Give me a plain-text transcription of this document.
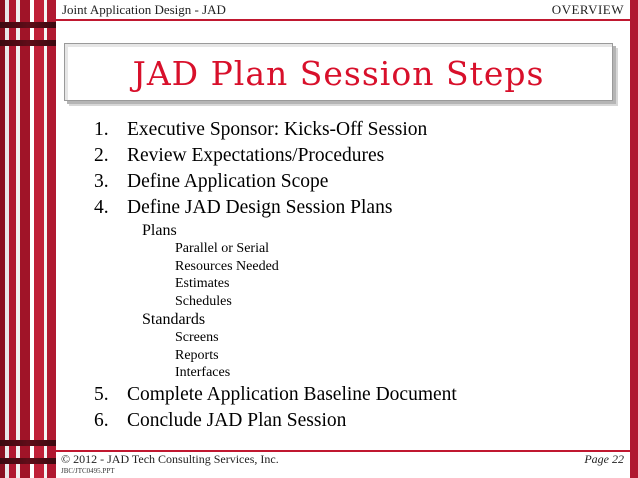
Joint Application Design - JAD	OVERVIEW
JAD Plan Session Steps
1. Executive Sponsor: Kicks-Off Session
2. Review Expectations/Procedures
3. Define Application Scope
4. Define JAD Design Session Plans
Plans
Parallel or Serial
Resources Needed
Estimates
Schedules
Standards
Screens
Reports
Interfaces
5. Complete Application Baseline Document
6. Conclude JAD Plan Session
© 2012 - JAD Tech Consulting Services, Inc.
JBC/JTC0495.PPT
Page 22
